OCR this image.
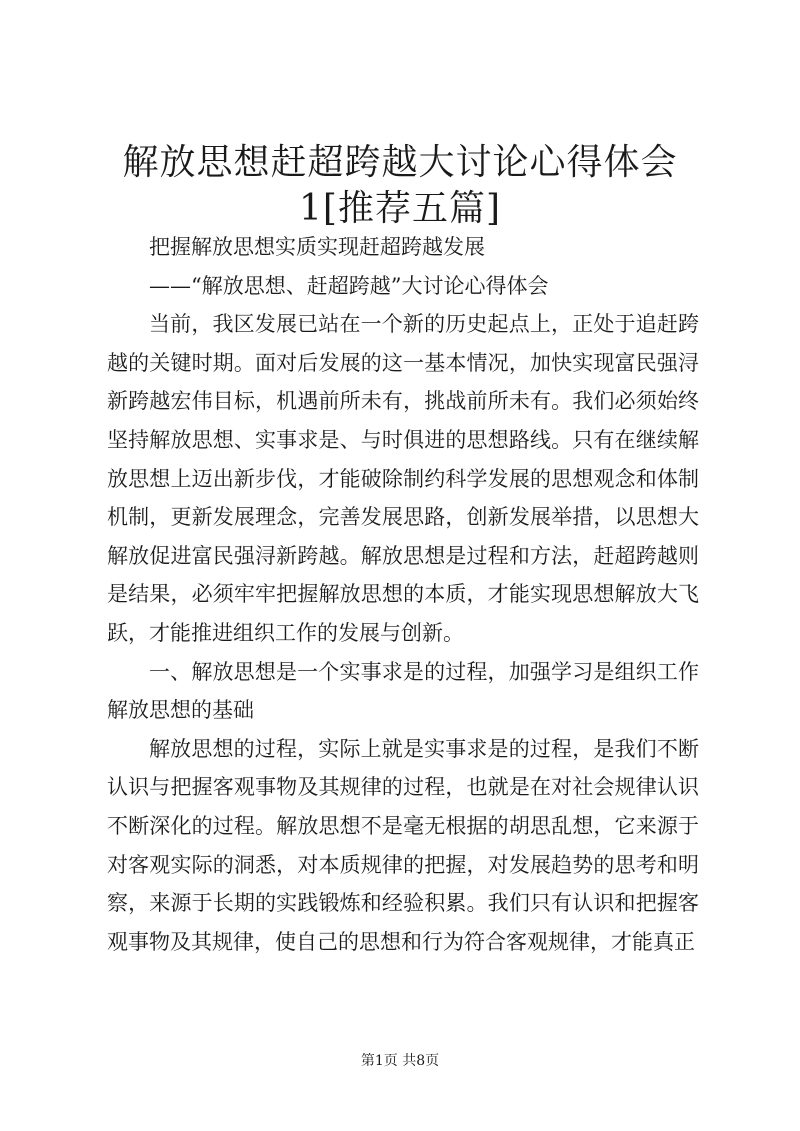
解放思想赶超跨越大讨论心得体会1[推荐五篇]

把握解放思想实质实现赶超跨越发展

——“解放思想、赶超跨越”大讨论心得体会

当前，我区发展已站在一个新的历史起点上，正处于追赶跨越的关键时期。面对后发展的这一基本情况，加快实现富民强浔新跨越宏伟目标，机遇前所未有，挑战前所未有。我们必须始终坚持解放思想、实事求是、与时俱进的思想路线。只有在继续解放思想上迈出新步伐，才能破除制约科学发展的思想观念和体制机制，更新发展理念，完善发展思路，创新发展举措，以思想大解放促进富民强浔新跨越。解放思想是过程和方法，赶超跨越则是结果，必须牢牢把握解放思想的本质，才能实现思想解放大飞跃，才能推进组织工作的发展与创新。

一、解放思想是一个实事求是的过程，加强学习是组织工作解放思想的基础

解放思想的过程，实际上就是实事求是的过程，是我们不断认识与把握客观事物及其规律的过程，也就是在对社会规律认识不断深化的过程。解放思想不是毫无根据的胡思乱想，它来源于对客观实际的洞悉，对本质规律的把握，对发展趋势的思考和明察，来源于长期的实践锻炼和经验积累。我们只有认识和把握客观事物及其规律，使自己的思想和行为符合客观规律，才能真正

第1页 共8页
